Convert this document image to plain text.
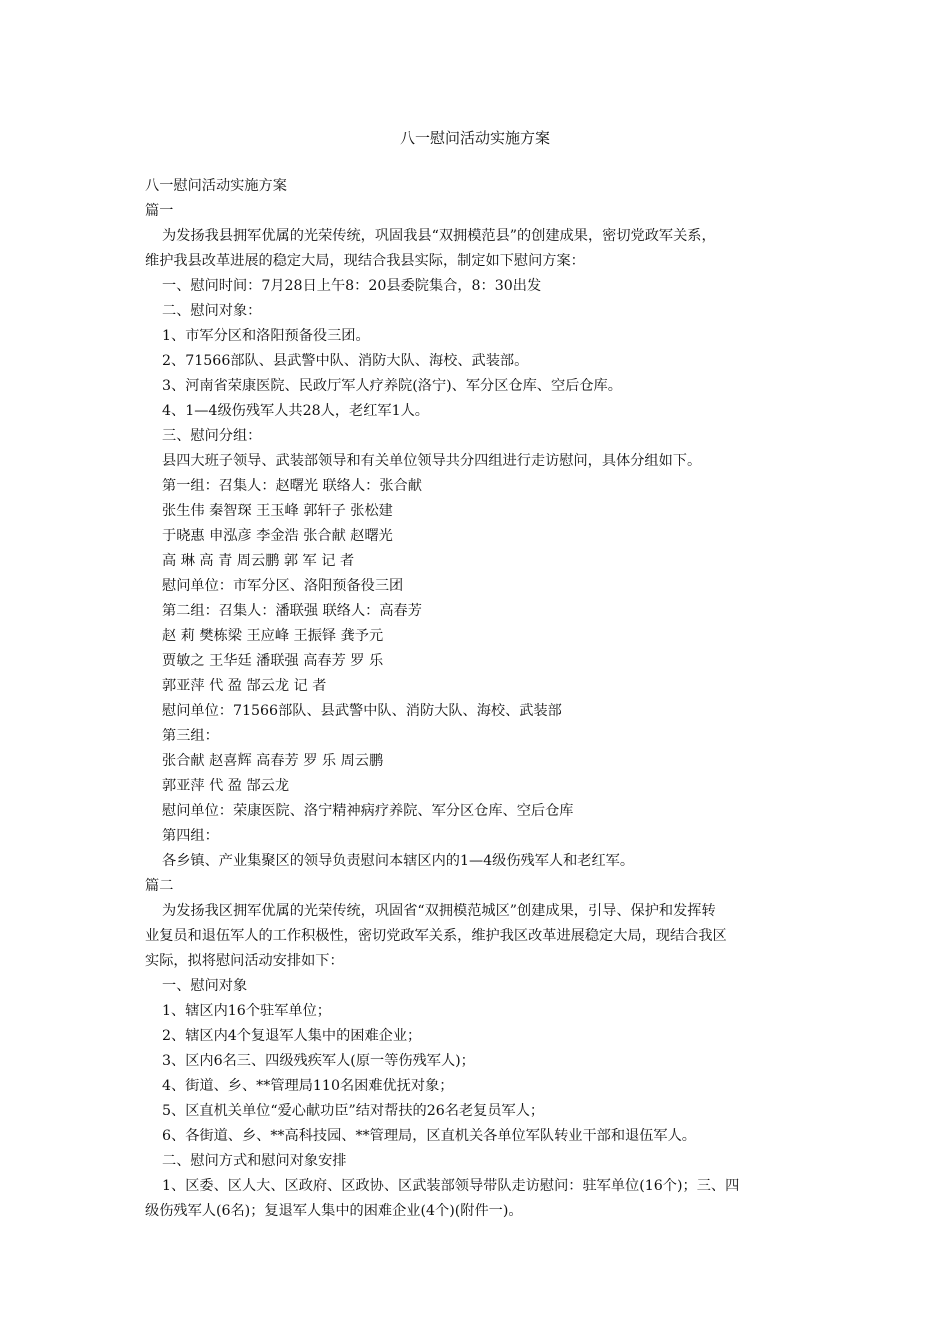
八一慰问活动实施方案
八一慰问活动实施方案
篇一
为发扬我县拥军优属的光荣传统，巩固我县“双拥模范县”的创建成果，密切党政军关系，
维护我县改革进展的稳定大局，现结合我县实际，制定如下慰问方案：
一、慰问时间：7月28日上午8：20县委院集合，8：30出发
二、慰问对象：
1、市军分区和洛阳预备役三团。
2、71566部队、县武警中队、消防大队、海校、武装部。
3、河南省荣康医院、民政厅军人疗养院(洛宁)、军分区仓库、空后仓库。
4、1—4级伤残军人共28人，老红军1人。
三、慰问分组：
县四大班子领导、武装部领导和有关单位领导共分四组进行走访慰问，具体分组如下。
第一组：召集人：赵曙光 联络人：张合献
张生伟 秦智琛 王玉峰 郭轩子 张松建
于晓惠 申泓彦 李金浩 张合献 赵曙光
高 琳 高 青 周云鹏 郭 军 记 者
慰问单位：市军分区、洛阳预备役三团
第二组：召集人：潘联强 联络人：高春芳
赵 莉 樊栋梁 王应峰 王振铎 龚予元
贾敏之 王华廷 潘联强 高春芳 罗 乐
郭亚萍 代 盈 郜云龙 记 者
慰问单位：71566部队、县武警中队、消防大队、海校、武装部
第三组：
张合献 赵喜辉 高春芳 罗 乐 周云鹏
郭亚萍 代 盈 郜云龙
慰问单位：荣康医院、洛宁精神病疗养院、军分区仓库、空后仓库
第四组：
各乡镇、产业集聚区的领导负责慰问本辖区内的1—4级伤残军人和老红军。
篇二
为发扬我区拥军优属的光荣传统，巩固省“双拥模范城区”创建成果，引导、保护和发挥转
业复员和退伍军人的工作积极性，密切党政军关系，维护我区改革进展稳定大局，现结合我区
实际，拟将慰问活动安排如下：
一、慰问对象
1、辖区内16个驻军单位；
2、辖区内4个复退军人集中的困难企业；
3、区内6名三、四级残疾军人(原一等伤残军人)；
4、街道、乡、**管理局110名困难优抚对象；
5、区直机关单位“爱心献功臣”结对帮扶的26名老复员军人；
6、各街道、乡、**高科技园、**管理局，区直机关各单位军队转业干部和退伍军人。
二、慰问方式和慰问对象安排
1、区委、区人大、区政府、区政协、区武装部领导带队走访慰问：驻军单位(16个)；三、四
级伤残军人(6名)；复退军人集中的困难企业(4个)(附件一)。
